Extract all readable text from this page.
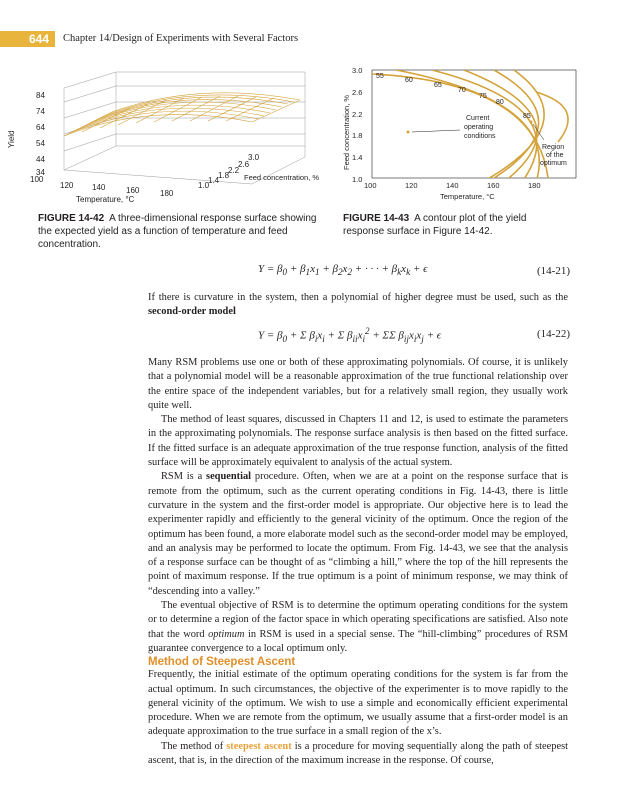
644	Chapter 14/Design of Experiments with Several Factors
Yield
84
74
64
54
44
34
100
120 140	160	180
Temperature, °C
1.0
1.4
1.8
2.2
2.6
3.0
Feed concentration, %
FIGURE 14-42 A three-dimensional response surface showing the expected yield as a function of temperature and feed concentration.
55
60
65
70
75
80
85
Current
operating
conditions
Region
of the
optimum
Feed concentration, %
3.0
2.6
2.2
1.8
1.4
1.0
100	120	140	160	180
Temperature, °C
FIGURE 14-43 A contour plot of the yield response surface in Figure 14-42.
$Y = \beta_0 + \beta_1x_1 + \beta_2x_2$ + · · · + $\beta_kx_k + \epsilon$	(14-21)
If there is curvature in the system, then a polynomial of higher degree must be used, such as the second-order model
$Y = \beta_0 + \Sigma$ $\beta_ix_i + \Sigma$ $\beta_{ii}x_i^2 + \Sigma\Sigma$ $\beta_{ij}x_ix_j + \epsilon$	(14-22)

Many RSM problems use one or both of these approximating polynomials. Of course, it is unlikely that a polynomial model will be a reasonable approximation of the true functional relationship over the entire space of the independent variables, but for a relatively small region, they usually work quite well.

The method of least squares, discussed in Chapters 11 and 12, is used to estimate the parameters in the approximating polynomials. The response surface analysis is then based on the fitted surface. If the fitted surface is an adequate approximation of the true response function, analysis of the fitted surface will be approximately equivalent to analysis of the actual system.

RSM is a sequential procedure. Often, when we are at a point on the response surface that is remote from the optimum, such as the current operating conditions in Fig. 14-43, there is little curvature in the system and the first-order model is appropriate. Our objective here is to lead the experimenter rapidly and efficiently to the general vicinity of the optimum. Once the region of the optimum has been found, a more elaborate model such as the second-order model may be employed, and an analysis may be performed to locate the optimum. From Fig. 14-43, we see that the analysis of a response surface can be thought of as “climbing a hill,” where the top of the hill represents the point of maximum response. If the true optimum is a point of minimum response, we may think of “descending into a valley.”

The eventual objective of RSM is to determine the optimum operating conditions for the system or to determine a region of the factor space in which operating specifications are satisfied. Also note that the word optimum in RSM is used in a special sense. The “hill-climbing” procedures of RSM guarantee convergence to a local optimum only.

Method of Steepest Ascent

Frequently, the initial estimate of the optimum operating conditions for the system is far from the actual optimum. In such circumstances, the objective of the experimenter is to move rapidly to the general vicinity of the optimum. We wish to use a simple and economically efficient experimental procedure. When we are remote from the optimum, we usually assume that a first-order model is an adequate approximation to the true surface in a small region of the x’s.

The method of steepest ascent is a procedure for moving sequentially along the path of steepest ascent, that is, in the direction of the maximum increase in the response. Of course,
